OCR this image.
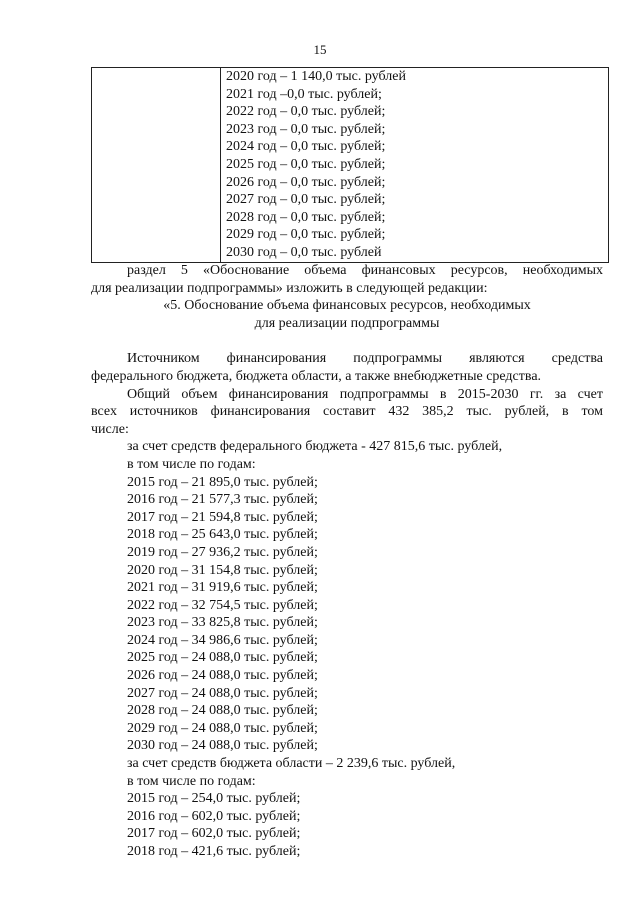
15

2020 год – 1 140,0 тыс. рублей
2021 год –0,0 тыс. рублей;
2022 год – 0,0 тыс. рублей;
2023 год – 0,0 тыс. рублей;
2024 год – 0,0 тыс. рублей;
2025 год – 0,0 тыс. рублей;
2026 год – 0,0 тыс. рублей;
2027 год – 0,0 тыс. рублей;
2028 год – 0,0 тыс. рублей;
2029 год – 0,0 тыс. рублей;
2030 год – 0,0 тыс. рублей
раздел 5 «Обоснование объема финансовых ресурсов, необходимых
для реализации подпрограммы» изложить в следующей редакции:
«5. Обоснование объема финансовых ресурсов, необходимых
для реализации подпрограммы
Источником финансирования подпрограммы являются средства
федерального бюджета, бюджета области, а также внебюджетные средства.
Общий объем финансирования подпрограммы в 2015-2030 гг. за счет
всех источников финансирования составит 432 385,2 тыс. рублей, в том
числе:
за счет средств федерального бюджета - 427 815,6 тыс. рублей,
в том числе по годам:
2015 год – 21 895,0 тыс. рублей;
2016 год – 21 577,3 тыс. рублей;
2017 год – 21 594,8 тыс. рублей;
2018 год – 25 643,0 тыс. рублей;
2019 год – 27 936,2 тыс. рублей;
2020 год – 31 154,8 тыс. рублей;
2021 год – 31 919,6 тыс. рублей;
2022 год – 32 754,5 тыс. рублей;
2023 год – 33 825,8 тыс. рублей;
2024 год – 34 986,6 тыс. рублей;
2025 год – 24 088,0 тыс. рублей;
2026 год – 24 088,0 тыс. рублей;
2027 год – 24 088,0 тыс. рублей;
2028 год – 24 088,0 тыс. рублей;
2029 год – 24 088,0 тыс. рублей;
2030 год – 24 088,0 тыс. рублей;
за счет средств бюджета области – 2 239,6 тыс. рублей,
в том числе по годам:
2015 год – 254,0 тыс. рублей;
2016 год – 602,0 тыс. рублей;
2017 год – 602,0 тыс. рублей;
2018 год – 421,6 тыс. рублей;
